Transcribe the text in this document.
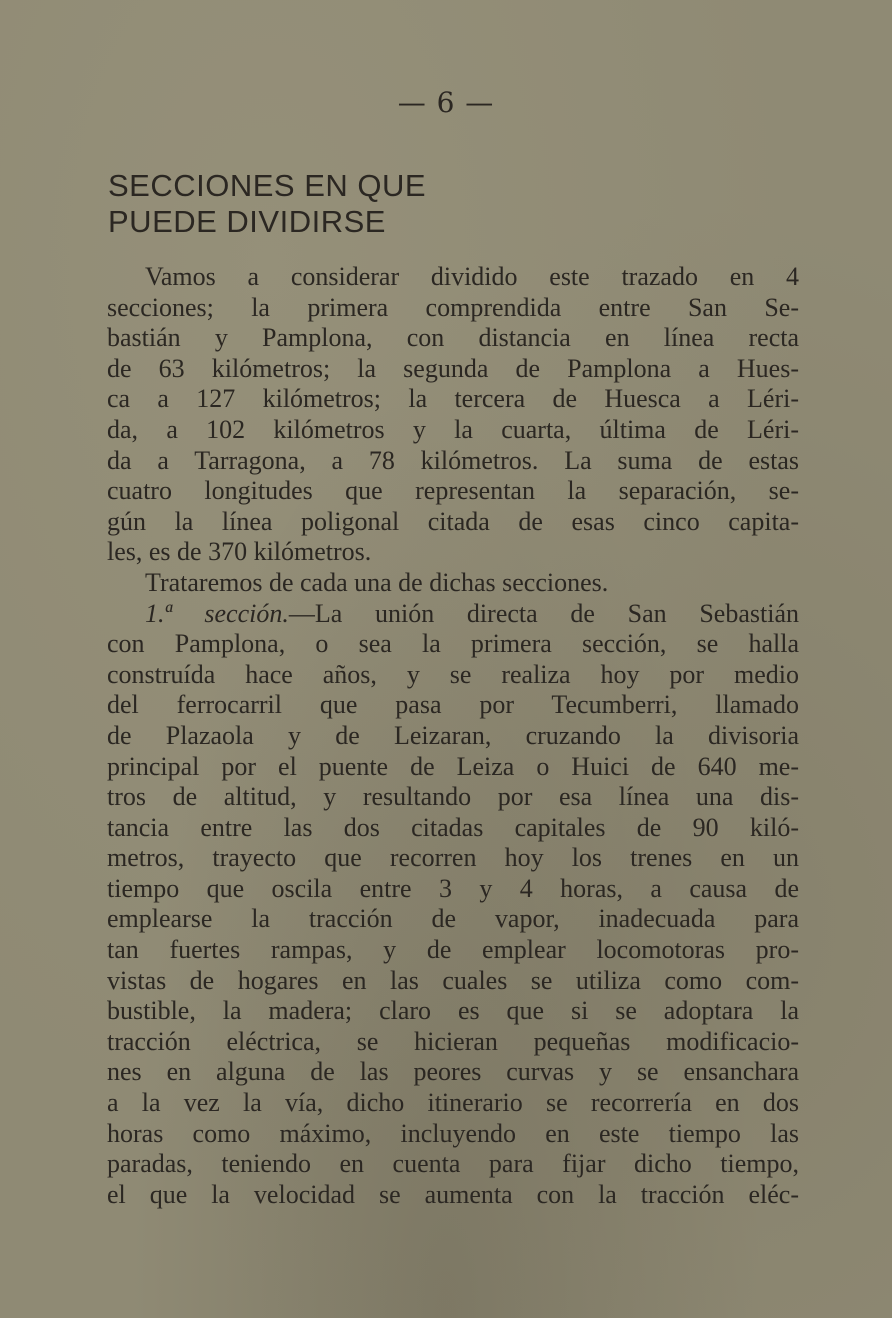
— 6 —
SECCIONES EN QUE
PUEDE DIVIDIRSE
Vamos a considerar dividido este trazado en 4
secciones; la primera comprendida entre San Se-
bastián y Pamplona, con distancia en línea recta
de 63 kilómetros; la segunda de Pamplona a Hues-
ca a 127 kilómetros; la tercera de Huesca a Léri-
da, a 102 kilómetros y la cuarta, última de Léri-
da a Tarragona, a 78 kilómetros. La suma de estas
cuatro longitudes que representan la separación, se-
gún la línea poligonal citada de esas cinco capita-
les, es de 370 kilómetros.
Trataremos de cada una de dichas secciones.
1.ª sección.—La unión directa de San Sebastián
con Pamplona, o sea la primera sección, se halla
construída hace años, y se realiza hoy por medio
del ferrocarril que pasa por Tecumberri, llamado
de Plazaola y de Leizaran, cruzando la divisoria
principal por el puente de Leiza o Huici de 640 me-
tros de altitud, y resultando por esa línea una dis-
tancia entre las dos citadas capitales de 90 kiló-
metros, trayecto que recorren hoy los trenes en un
tiempo que oscila entre 3 y 4 horas, a causa de
emplearse la tracción de vapor, inadecuada para
tan fuertes rampas, y de emplear locomotoras pro-
vistas de hogares en las cuales se utiliza como com-
bustible, la madera; claro es que si se adoptara la
tracción eléctrica, se hicieran pequeñas modificacio-
nes en alguna de las peores curvas y se ensanchara
a la vez la vía, dicho itinerario se recorrería en dos
horas como máximo, incluyendo en este tiempo las
paradas, teniendo en cuenta para fijar dicho tiempo,
el que la velocidad se aumenta con la tracción eléc-
